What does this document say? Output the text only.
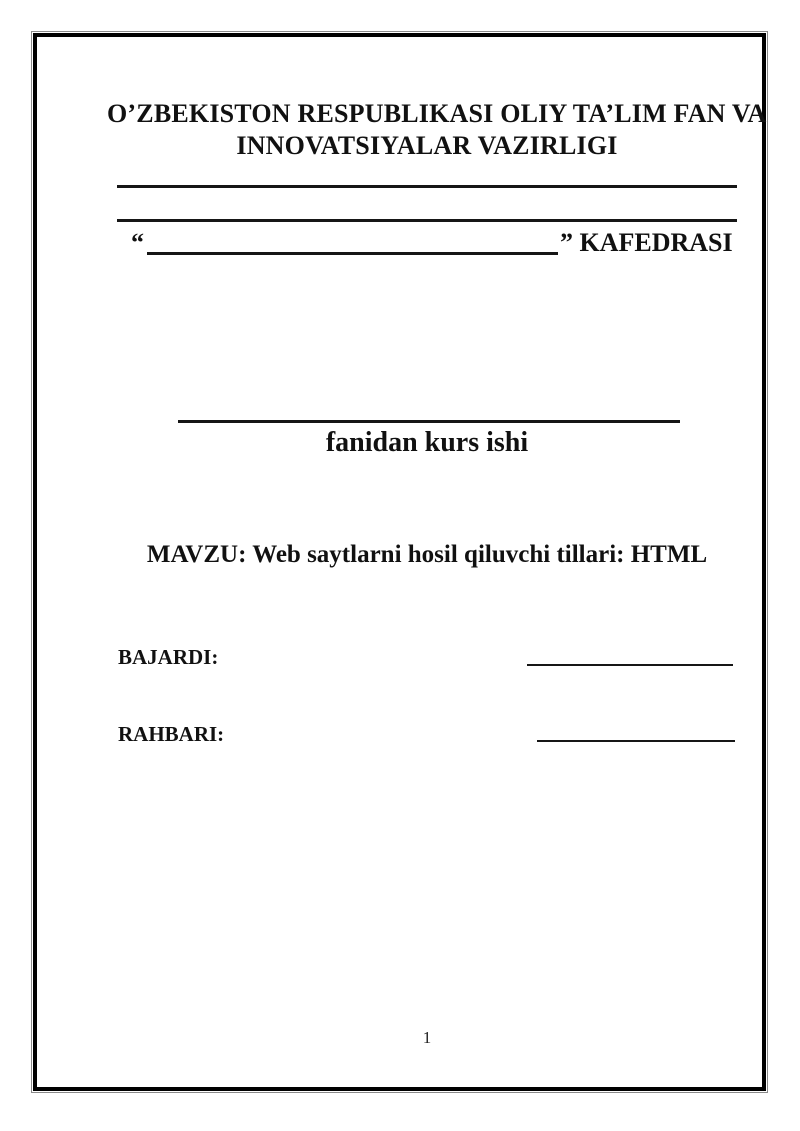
O’ZBEKISTON RESPUBLIKASI OLIY TA’LIM FAN VA
INNOVATSIYALAR VAZIRLIGI
“	” KAFEDRASI
fanidan kurs ishi
MAVZU: Web saytlarni hosil qiluvchi tillari: HTML
BAJARDI:
RAHBARI:
1
